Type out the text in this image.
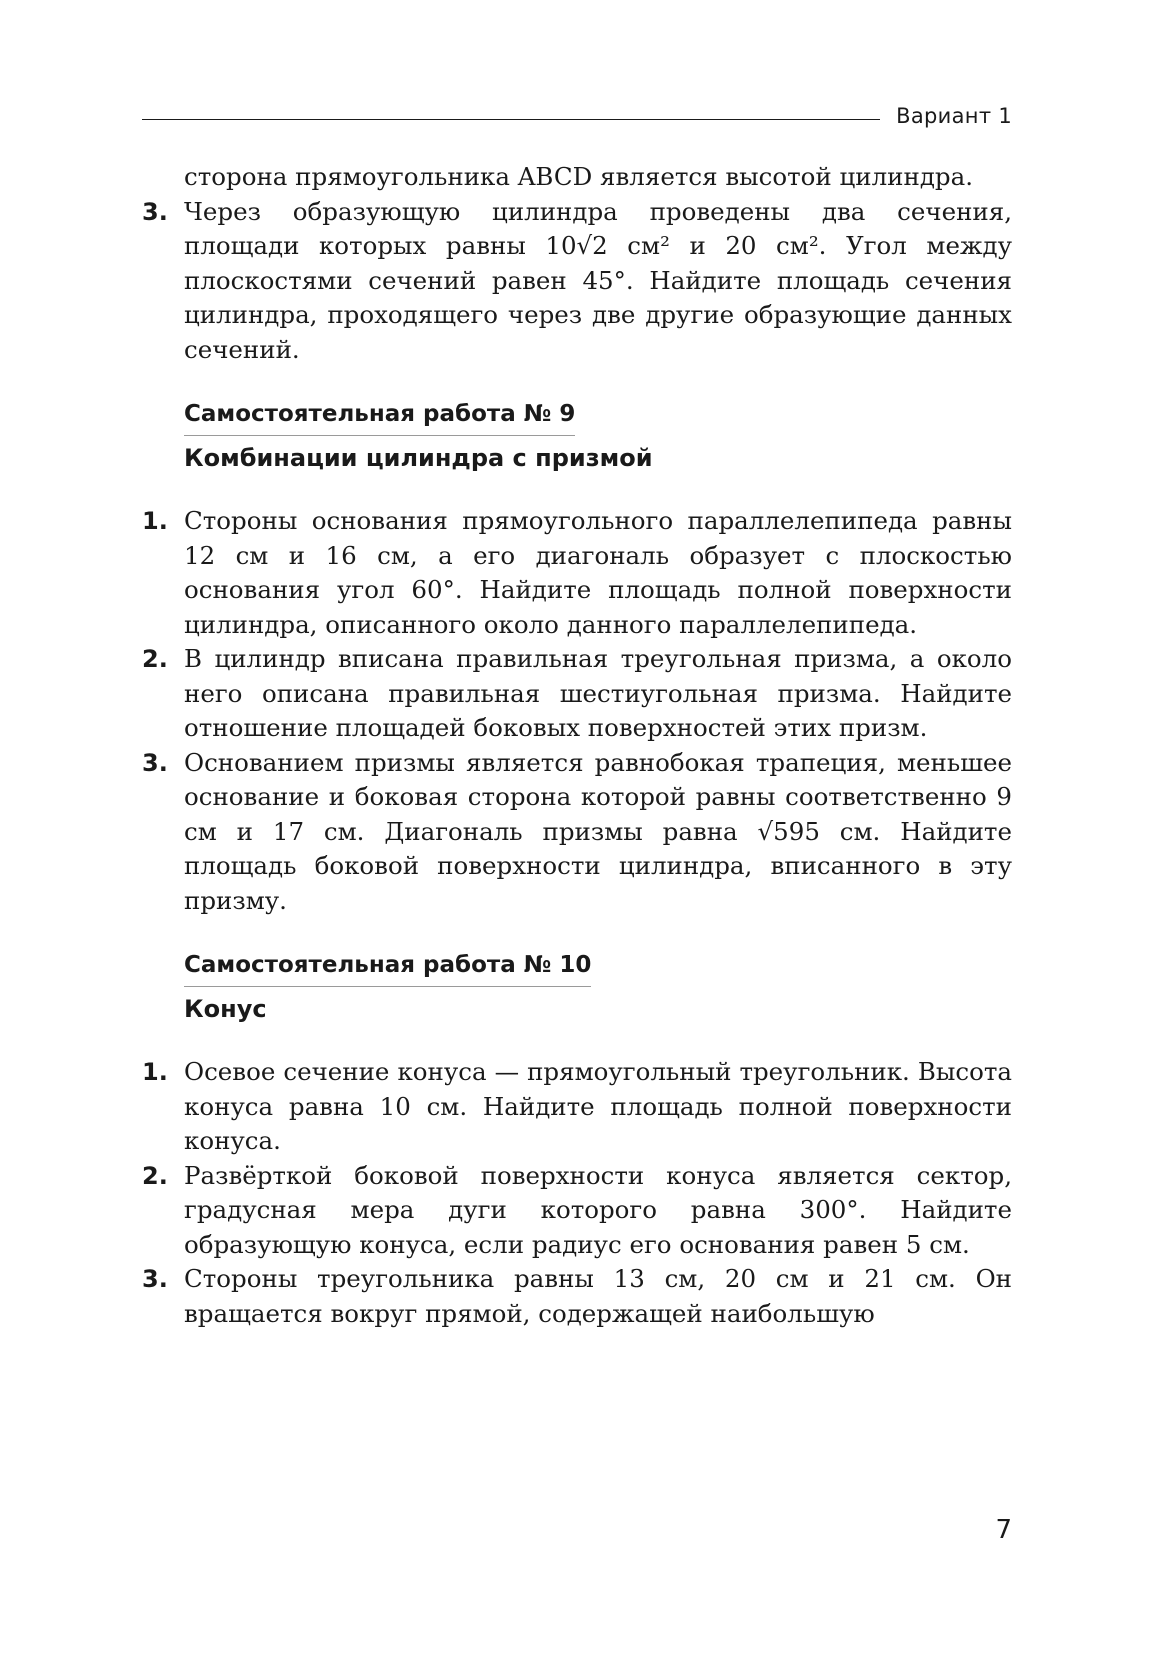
Вариант 1

сторона прямоугольника ABCD является высотой цилиндра.

3. Через образующую цилиндра проведены два сечения, площади которых равны 10√2 см² и 20 см². Угол между плоскостями сечений равен 45°. Найдите площадь сечения цилиндра, проходящего через две другие образующие данных сечений.
Самостоятельная работа № 9
Комбинации цилиндра с призмой
1. Стороны основания прямоугольного параллелепипеда равны 12 см и 16 см, а его диагональ образует с плоскостью основания угол 60°. Найдите площадь полной поверхности цилиндра, описанного около данного параллелепипеда.
2. В цилиндр вписана правильная треугольная призма, а около него описана правильная шестиугольная призма. Найдите отношение площадей боковых поверхностей этих призм.
3. Основанием призмы является равнобокая трапеция, меньшее основание и боковая сторона которой равны соответственно 9 см и 17 см. Диагональ призмы равна √595 см. Найдите площадь боковой поверхности цилиндра, вписанного в эту призму.
Самостоятельная работа № 10
Конус
1. Осевое сечение конуса — прямоугольный треугольник. Высота конуса равна 10 см. Найдите площадь полной поверхности конуса.
2. Развёрткой боковой поверхности конуса является сектор, градусная мера дуги которого равна 300°. Найдите образующую конуса, если радиус его основания равен 5 см.
3. Стороны треугольника равны 13 см, 20 см и 21 см. Он вращается вокруг прямой, содержащей наибольшую
7
